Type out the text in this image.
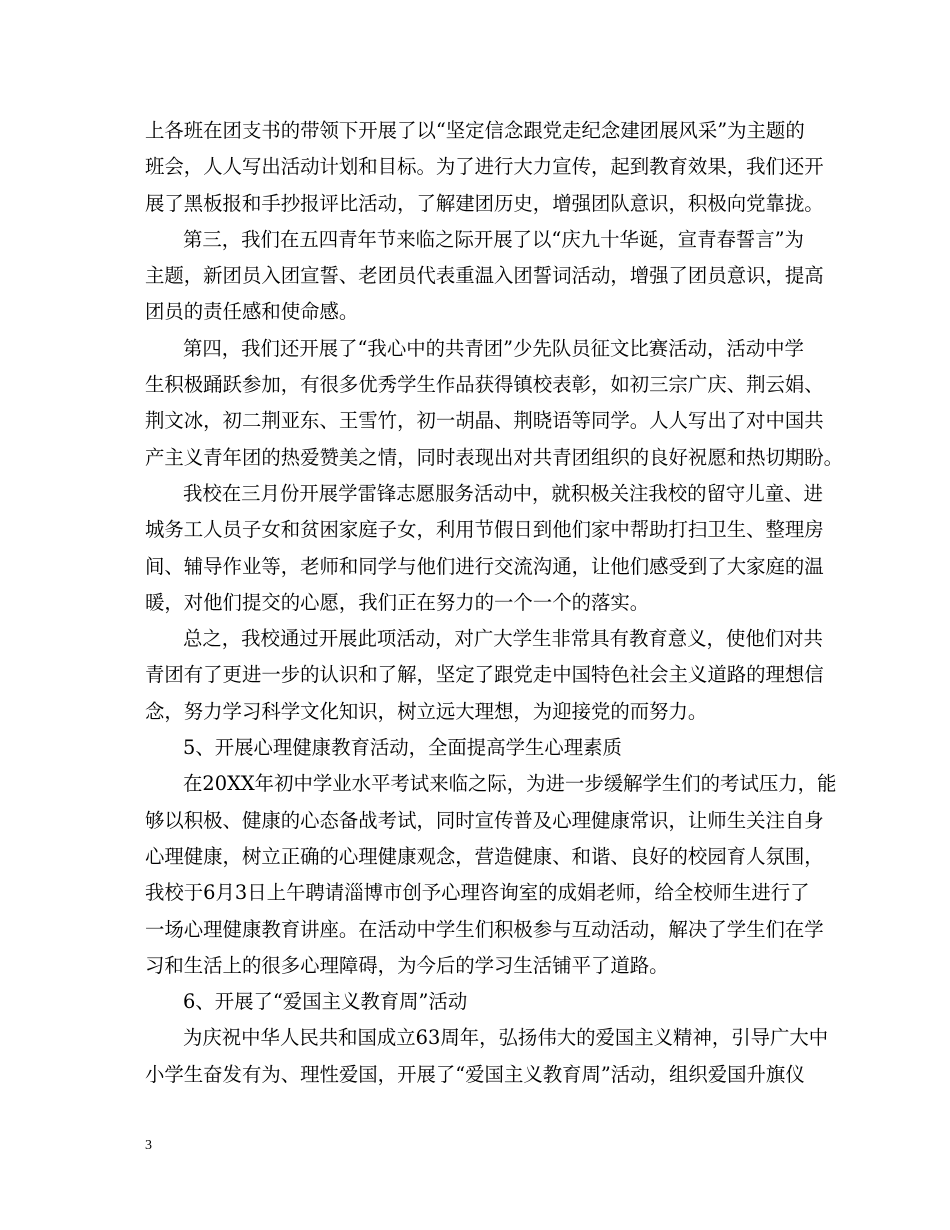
上各班在团支书的带领下开展了以“坚定信念跟党走纪念建团展风采”为主题的
班会，人人写出活动计划和目标。为了进行大力宣传，起到教育效果，我们还开
展了黑板报和手抄报评比活动，了解建团历史，增强团队意识，积极向党靠拢。
第三，我们在五四青年节来临之际开展了以“庆九十华诞，宣青春誓言”为
主题，新团员入团宣誓、老团员代表重温入团誓词活动，增强了团员意识，提高
团员的责任感和使命感。
第四，我们还开展了“我心中的共青团”少先队员征文比赛活动，活动中学
生积极踊跃参加，有很多优秀学生作品获得镇校表彰，如初三宗广庆、荆云娟、
荆文冰，初二荆亚东、王雪竹，初一胡晶、荆晓语等同学。人人写出了对中国共
产主义青年团的热爱赞美之情，同时表现出对共青团组织的良好祝愿和热切期盼。
我校在三月份开展学雷锋志愿服务活动中，就积极关注我校的留守儿童、进
城务工人员子女和贫困家庭子女，利用节假日到他们家中帮助打扫卫生、整理房
间、辅导作业等，老师和同学与他们进行交流沟通，让他们感受到了大家庭的温
暖，对他们提交的心愿，我们正在努力的一个一个的落实。
总之，我校通过开展此项活动，对广大学生非常具有教育意义，使他们对共
青团有了更进一步的认识和了解，坚定了跟党走中国特色社会主义道路的理想信
念，努力学习科学文化知识，树立远大理想，为迎接党的而努力。
5、开展心理健康教育活动，全面提高学生心理素质
在20XX年初中学业水平考试来临之际，为进一步缓解学生们的考试压力，能
够以积极、健康的心态备战考试，同时宣传普及心理健康常识，让师生关注自身
心理健康，树立正确的心理健康观念，营造健康、和谐、良好的校园育人氛围，
我校于6月3日上午聘请淄博市创予心理咨询室的成娟老师，给全校师生进行了
一场心理健康教育讲座。在活动中学生们积极参与互动活动，解决了学生们在学
习和生活上的很多心理障碍，为今后的学习生活铺平了道路。
6、开展了“爱国主义教育周”活动
为庆祝中华人民共和国成立63周年，弘扬伟大的爱国主义精神，引导广大中
小学生奋发有为、理性爱国，开展了“爱国主义教育周”活动，组织爱国升旗仪
3
